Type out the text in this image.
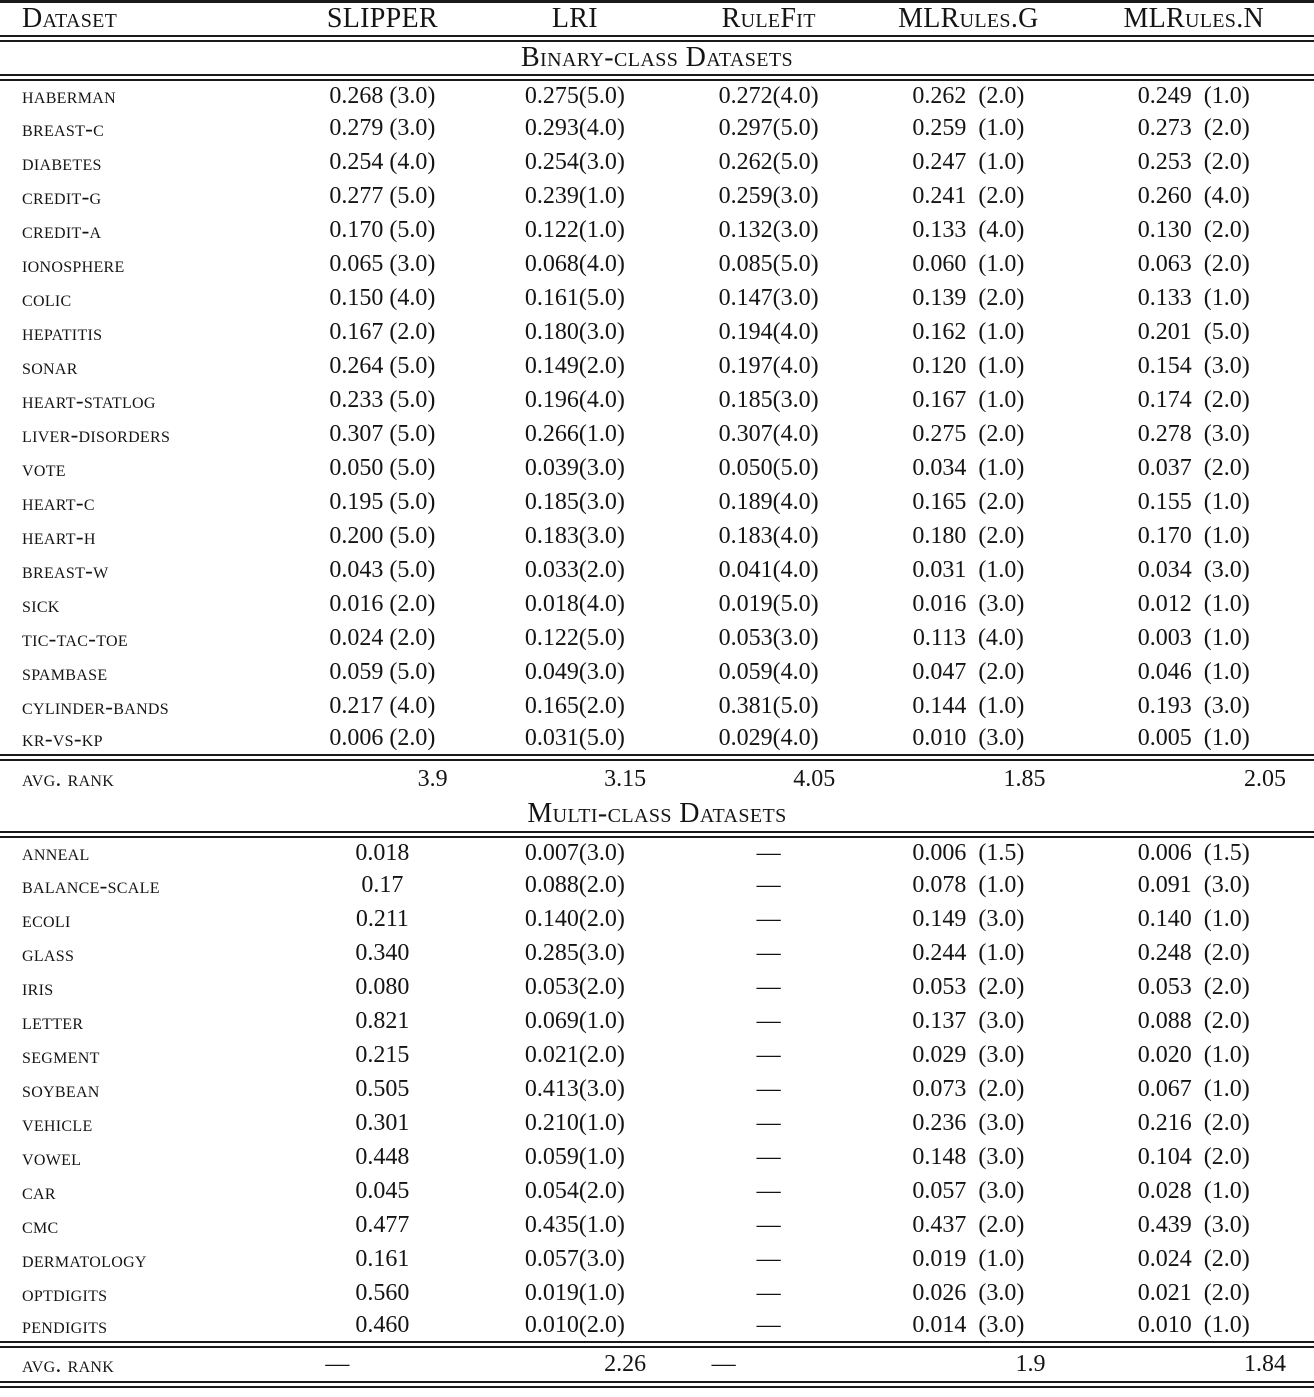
Dataset	SLIPPER	LRI	RuleFit	MLRules.G	MLRules.N
Binary-class Datasets					
haberman	0.268 (3.0)	0.275(5.0)	0.272(4.0)	0.262 (2.0)	0.249 (1.0)
breast-c	0.279 (3.0)	0.293(4.0)	0.297(5.0)	0.259 (1.0)	0.273 (2.0)
diabetes	0.254 (4.0)	0.254(3.0)	0.262(5.0)	0.247 (1.0)	0.253 (2.0)
credit-g	0.277 (5.0)	0.239(1.0)	0.259(3.0)	0.241 (2.0)	0.260 (4.0)
credit-a	0.170 (5.0)	0.122(1.0)	0.132(3.0)	0.133 (4.0)	0.130 (2.0)
ionosphere	0.065 (3.0)	0.068(4.0)	0.085(5.0)	0.060 (1.0)	0.063 (2.0)
colic	0.150 (4.0)	0.161(5.0)	0.147(3.0)	0.139 (2.0)	0.133 (1.0)
hepatitis	0.167 (2.0)	0.180(3.0)	0.194(4.0)	0.162 (1.0)	0.201 (5.0)
sonar	0.264 (5.0)	0.149(2.0)	0.197(4.0)	0.120 (1.0)	0.154 (3.0)
heart-statlog	0.233 (5.0)	0.196(4.0)	0.185(3.0)	0.167 (1.0)	0.174 (2.0)
liver-disorders	0.307 (5.0)	0.266(1.0)	0.307(4.0)	0.275 (2.0)	0.278 (3.0)
vote	0.050 (5.0)	0.039(3.0)	0.050(5.0)	0.034 (1.0)	0.037 (2.0)
heart-c	0.195 (5.0)	0.185(3.0)	0.189(4.0)	0.165 (2.0)	0.155 (1.0)
heart-h	0.200 (5.0)	0.183(3.0)	0.183(4.0)	0.180 (2.0)	0.170 (1.0)
breast-w	0.043 (5.0)	0.033(2.0)	0.041(4.0)	0.031 (1.0)	0.034 (3.0)
sick	0.016 (2.0)	0.018(4.0)	0.019(5.0)	0.016 (3.0)	0.012 (1.0)
tic-tac-toe	0.024 (2.0)	0.122(5.0)	0.053(3.0)	0.113 (4.0)	0.003 (1.0)
spambase	0.059 (5.0)	0.049(3.0)	0.059(4.0)	0.047 (2.0)	0.046 (1.0)
cylinder-bands	0.217 (4.0)	0.165(2.0)	0.381(5.0)	0.144 (1.0)	0.193 (3.0)
kr-vs-kp	0.006 (2.0)	0.031(5.0)	0.029(4.0)	0.010 (3.0)	0.005 (1.0)
avg. rank	3.9	3.15	4.05	1.85	2.05
Multi-class Datasets					
anneal	0.018	0.007(3.0)	—	0.006 (1.5)	0.006 (1.5)
balance-scale	0.17	0.088(2.0)	—	0.078 (1.0)	0.091 (3.0)
ecoli	0.211	0.140(2.0)	—	0.149 (3.0)	0.140 (1.0)
glass	0.340	0.285(3.0)	—	0.244 (1.0)	0.248 (2.0)
iris	0.080	0.053(2.0)	—	0.053 (2.0)	0.053 (2.0)
letter	0.821	0.069(1.0)	—	0.137 (3.0)	0.088 (2.0)
segment	0.215	0.021(2.0)	—	0.029 (3.0)	0.020 (1.0)
soybean	0.505	0.413(3.0)	—	0.073 (2.0)	0.067 (1.0)
vehicle	0.301	0.210(1.0)	—	0.236 (3.0)	0.216 (2.0)
vowel	0.448	0.059(1.0)	—	0.148 (3.0)	0.104 (2.0)
car	0.045	0.054(2.0)	—	0.057 (3.0)	0.028 (1.0)
cmc	0.477	0.435(1.0)	—	0.437 (2.0)	0.439 (3.0)
dermatology	0.161	0.057(3.0)	—	0.019 (1.0)	0.024 (2.0)
optdigits	0.560	0.019(1.0)	—	0.026 (3.0)	0.021 (2.0)
pendigits	0.460	0.010(2.0)	—	0.014 (3.0)	0.010 (1.0)
avg. rank	—	2.26	—	1.9	1.84
